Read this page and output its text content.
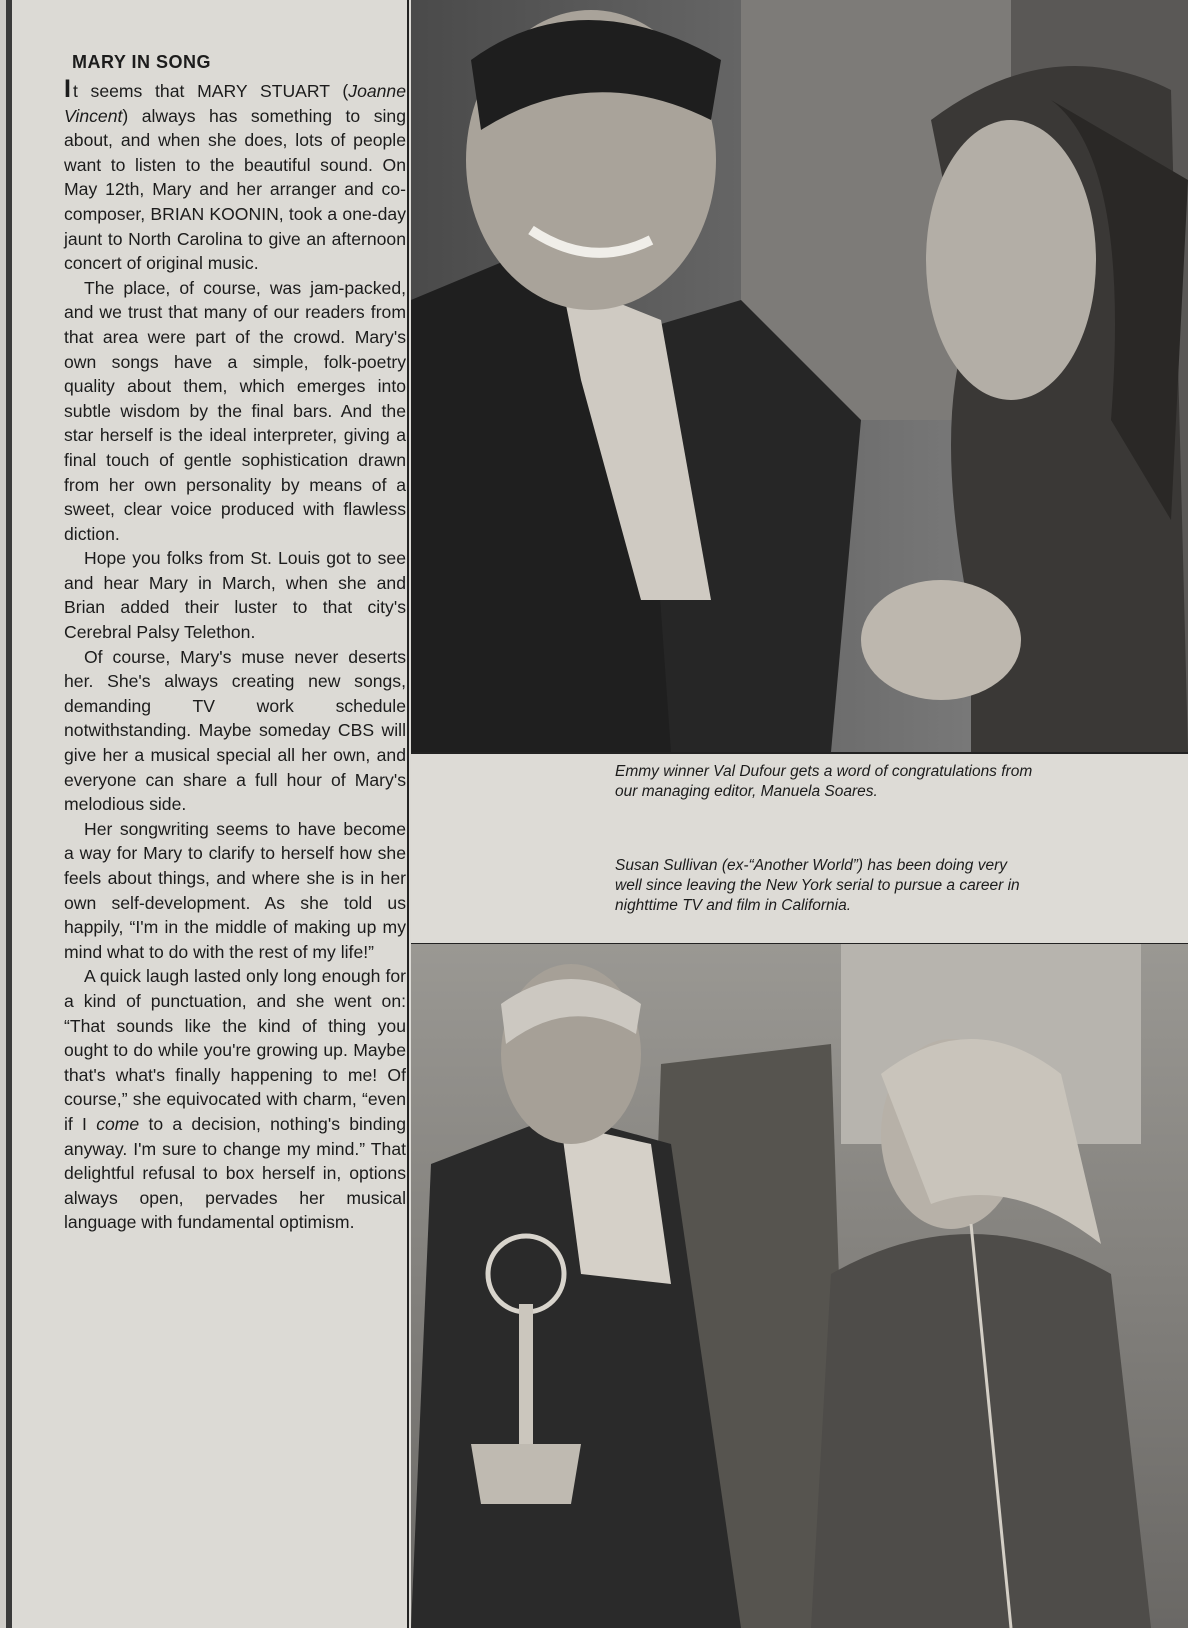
MARY IN SONG

I t seems that MARY STUART (Joanne Vincent) always has something to sing about, and when she does, lots of people want to listen to the beautiful sound. On May 12th, Mary and her arranger and co-composer, BRIAN KOONIN, took a one-day jaunt to North Carolina to give an afternoon concert of original music.

The place, of course, was jam-packed, and we trust that many of our readers from that area were part of the crowd. Mary's own songs have a simple, folk-poetry quality about them, which emerges into subtle wisdom by the final bars. And the star herself is the ideal interpreter, giving a final touch of gentle sophistication drawn from her own personality by means of a sweet, clear voice produced with flawless diction.

Hope you folks from St. Louis got to see and hear Mary in March, when she and Brian added their luster to that city's Cerebral Palsy Telethon.

Of course, Mary's muse never deserts her. She's always creating new songs, demanding TV work schedule notwithstanding. Maybe someday CBS will give her a musical special all her own, and everyone can share a full hour of Mary's melodious side.

Her songwriting seems to have become a way for Mary to clarify to herself how she feels about things, and where she is in her own self-development. As she told us happily, “I'm in the middle of making up my mind what to do with the rest of my life!”

A quick laugh lasted only long enough for a kind of punctuation, and she went on: “That sounds like the kind of thing you ought to do while you're growing up. Maybe that's what's finally happening to me! Of course,” she equivocated with charm, “even if I come to a decision, nothing's binding anyway. I'm sure to change my mind.” That delightful refusal to box herself in, options always open, pervades her musical language with fundamental optimism.

Emmy winner Val Dufour gets a word of congratulations from our managing editor, Manuela Soares.

Susan Sullivan (ex-“Another World”) has been doing very well since leaving the New York serial to pursue a career in nighttime TV and film in California.
